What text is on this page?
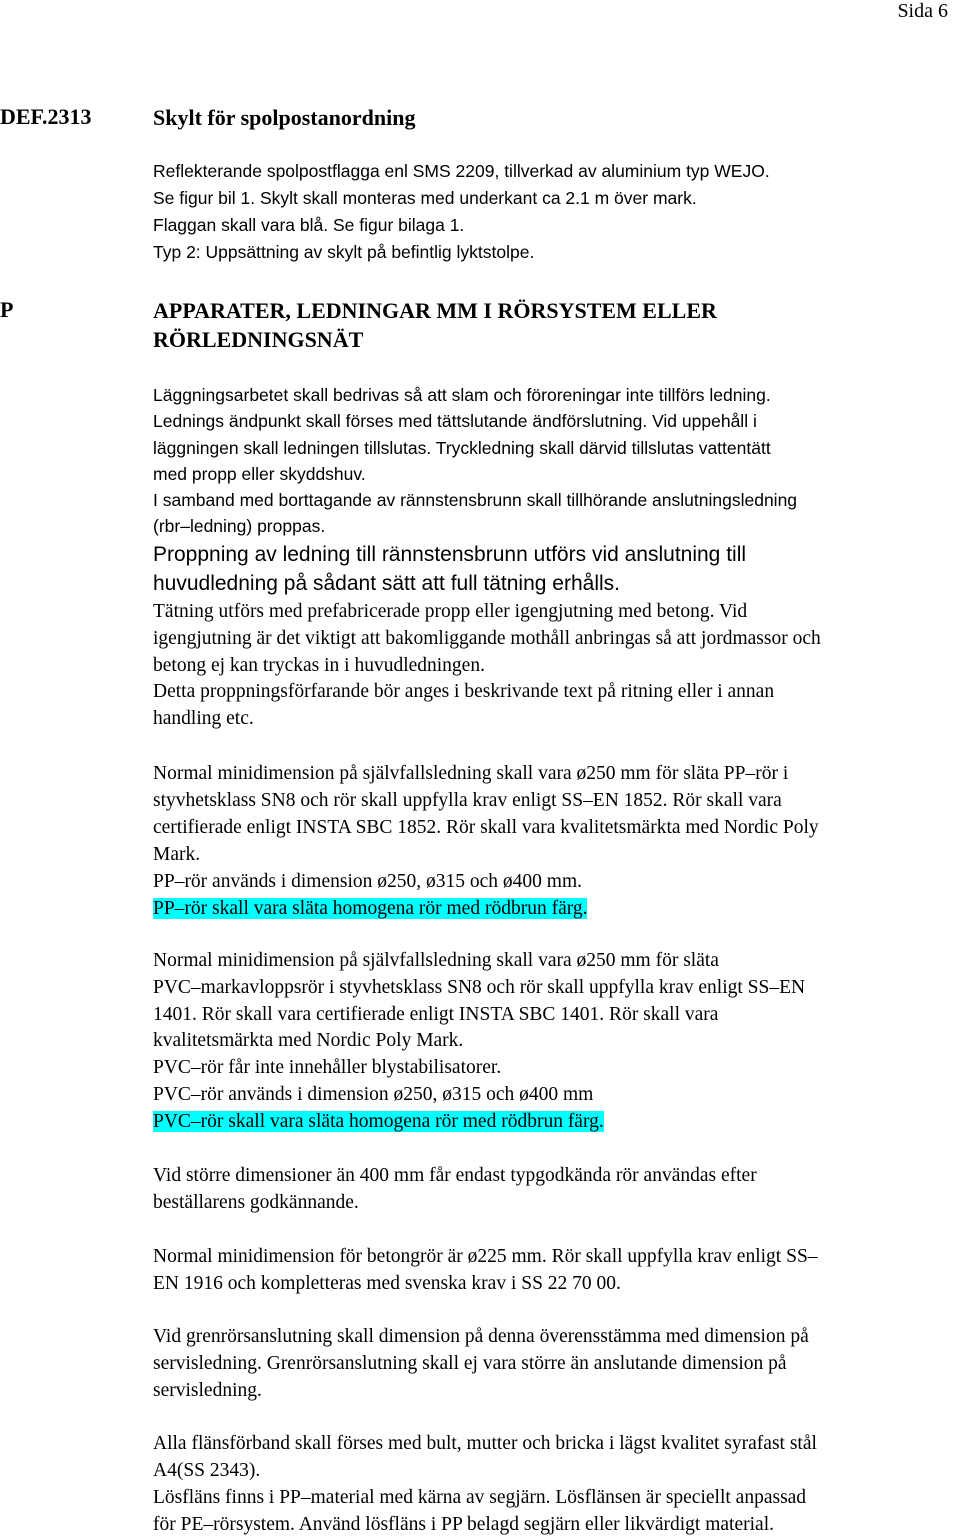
Sida 6
DEF.2313	Skylt för spolpostanordning
Reflekterande spolpostflagga enl SMS 2209, tillverkad av aluminium typ WEJO.
Se figur bil 1. Skylt skall monteras med underkant ca 2.1 m över mark.
Flaggan skall vara blå. Se figur bilaga 1.
Typ 2: Uppsättning av skylt på befintlig lyktstolpe.
P	APPARATER, LEDNINGAR MM I RÖRSYSTEM ELLER
RÖRLEDNINGSNÄT
Läggningsarbetet skall bedrivas så att slam och föroreningar inte tillförs ledning.
Lednings ändpunkt skall förses med tättslutande ändförslutning. Vid uppehåll i
läggningen skall ledningen tillslutas. Tryckledning skall därvid tillslutas vattentätt
med propp eller skyddshuv.
I samband med borttagande av rännstensbrunn skall tillhörande anslutningsledning
(rbr–ledning) proppas.
Proppning av ledning till rännstensbrunn utförs vid anslutning till
huvudledning på sådant sätt att full tätning erhålls.
Tätning utförs med prefabricerade propp eller igengjutning med betong. Vid
igengjutning är det viktigt att bakomliggande mothåll anbringas så att jordmassor och
betong ej kan tryckas in i huvudledningen.
Detta proppningsförfarande bör anges i beskrivande text på ritning eller i annan
handling etc.
Normal minidimension på självfallsledning skall vara ø250 mm för släta PP–rör i
styvhetsklass SN8 och rör skall uppfylla krav enligt SS–EN 1852. Rör skall vara
certifierade enligt INSTA SBC 1852. Rör skall vara kvalitetsmärkta med Nordic Poly
Mark.
PP–rör används i dimension ø250, ø315 och ø400 mm.
PP–rör skall vara släta homogena rör med rödbrun färg.
Normal minidimension på självfallsledning skall vara ø250 mm för släta
PVC–markavloppsrör i styvhetsklass SN8 och rör skall uppfylla krav enligt SS–EN
1401. Rör skall vara certifierade enligt INSTA SBC 1401. Rör skall vara
kvalitetsmärkta med Nordic Poly Mark.
PVC–rör får inte innehåller blystabilisatorer.
PVC–rör används i dimension ø250, ø315 och ø400 mm
PVC–rör skall vara släta homogena rör med rödbrun färg.
Vid större dimensioner än 400 mm får endast typgodkända rör användas efter
beställarens godkännande.
Normal minidimension för betongrör är ø225 mm. Rör skall uppfylla krav enligt SS–
EN 1916 och kompletteras med svenska krav i SS 22 70 00.
Vid grenrörsanslutning skall dimension på denna överensstämma med dimension på
servisledning. Grenrörsanslutning skall ej vara större än anslutande dimension på
servisledning.
Alla flänsförband skall förses med bult, mutter och bricka i lägst kvalitet syrafast stål
A4(SS 2343).
Lösfläns finns i PP–material med kärna av segjärn. Lösflänsen är speciellt anpassad
för PE–rörsystem. Använd lösfläns i PP belagd segjärn eller likvärdigt material.
